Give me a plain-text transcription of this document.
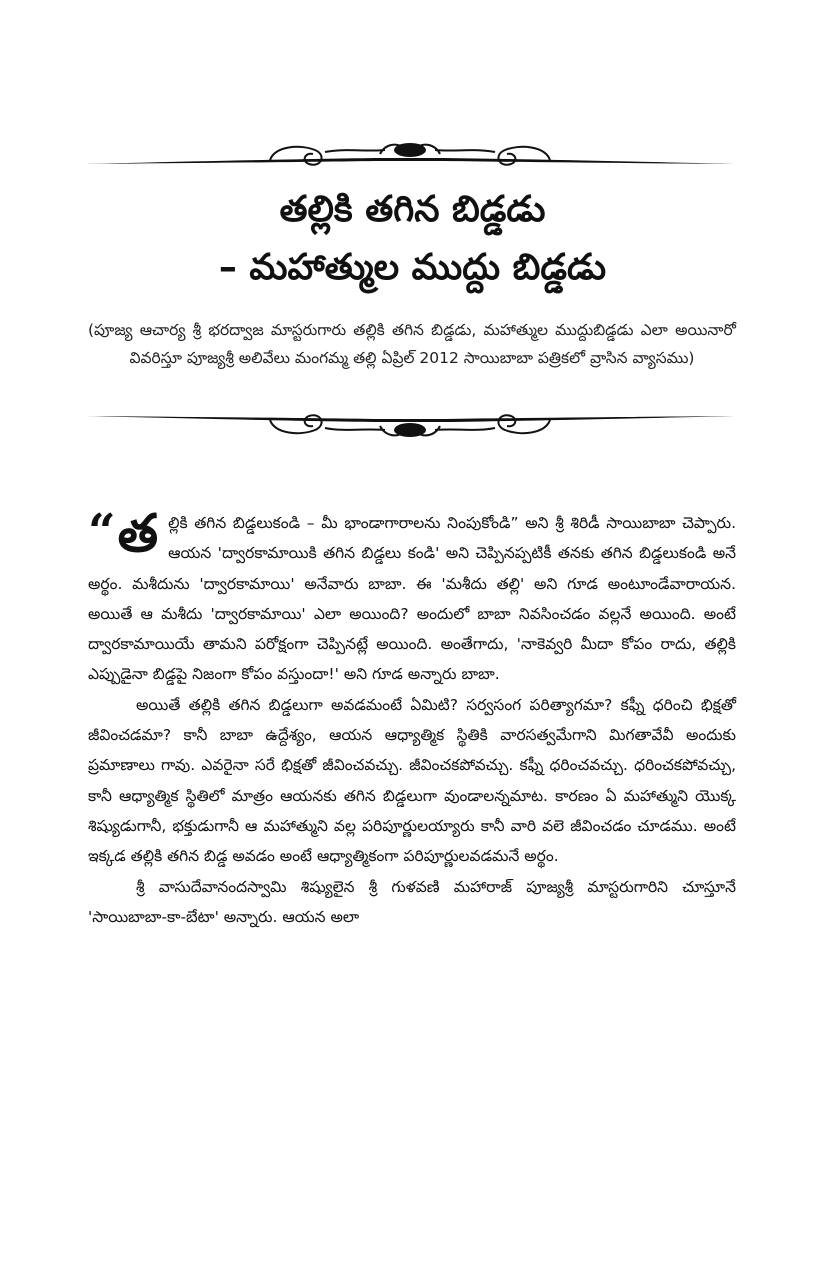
తల్లికి తగిన బిడ్డడు
– మహాత్ముల ముద్దు బిడ్డడు
(పూజ్య ఆచార్య శ్రీ భరద్వాజ మాస్టరుగారు తల్లికి తగిన బిడ్డడు, మహాత్ముల ముద్దుబిడ్డడు ఎలా అయినారో వివరిస్తూ పూజ్యశ్రీ అలివేలు మంగమ్మ తల్లి ఏప్రిల్ 2012 సాయిబాబా పత్రికలో వ్రాసిన వ్యాసము)

“ త ల్లికి తగిన బిడ్డలుకండి – మీ భాండాగారాలను నింపుకోండి” అని శ్రీ శిరిడీ సాయిబాబా చెప్పారు. ఆయన 'ద్వారకామాయికి తగిన బిడ్డలు కండి' అని చెప్పినప్పటికీ తనకు తగిన బిడ్డలుకండి అనే అర్థం. మశీదును 'ద్వారకామాయి' అనేవారు బాబా. ఈ 'మశీదు తల్లి' అని గూడ అంటూండేవారాయన. అయితే ఆ మశీదు 'ద్వారకామాయి' ఎలా అయింది? అందులో బాబా నివసించడం వల్లనే అయింది. అంటే ద్వారకామాయియే తామని పరోక్షంగా చెప్పినట్లే అయింది. అంతేగాదు, 'నాకెవ్వరి మీదా కోపం రాదు, తల్లికి ఎప్పుడైనా బిడ్డపై నిజంగా కోపం వస్తుందా!' అని గూడ అన్నారు బాబా.

అయితే తల్లికి తగిన బిడ్డలుగా అవడమంటే ఏమిటి? సర్వసంగ పరిత్యాగమా? కఫ్నీ ధరించి భిక్షతో జీవించడమా? కానీ బాబా ఉద్దేశ్యం, ఆయన ఆధ్యాత్మిక స్థితికి వారసత్వమేగాని మిగతావేవీ అందుకు ప్రమాణాలు గావు. ఎవరైనా సరే భిక్షతో జీవించవచ్చు. జీవించకపోవచ్చు. కఫ్నీ ధరించవచ్చు. ధరించకపోవచ్చు, కానీ ఆధ్యాత్మిక స్థితిలో మాత్రం ఆయనకు తగిన బిడ్డలుగా వుండాలన్నమాట. కారణం ఏ మహాత్ముని యొక్క శిష్యుడుగానీ, భక్తుడుగానీ ఆ మహాత్ముని వల్ల పరిపూర్ణులయ్యారు కానీ వారి వలె జీవించడం చూడము. అంటే ఇక్కడ తల్లికి తగిన బిడ్డ అవడం అంటే ఆధ్యాత్మికంగా పరిపూర్ణులవడమనే అర్థం.

శ్రీ వాసుదేవానందస్వామి శిష్యులైన శ్రీ గుళవణి మహారాజ్ పూజ్యశ్రీ మాస్టరుగారిని చూస్తూనే 'సాయిబాబా-కా-బేటా' అన్నారు. ఆయన అలా
